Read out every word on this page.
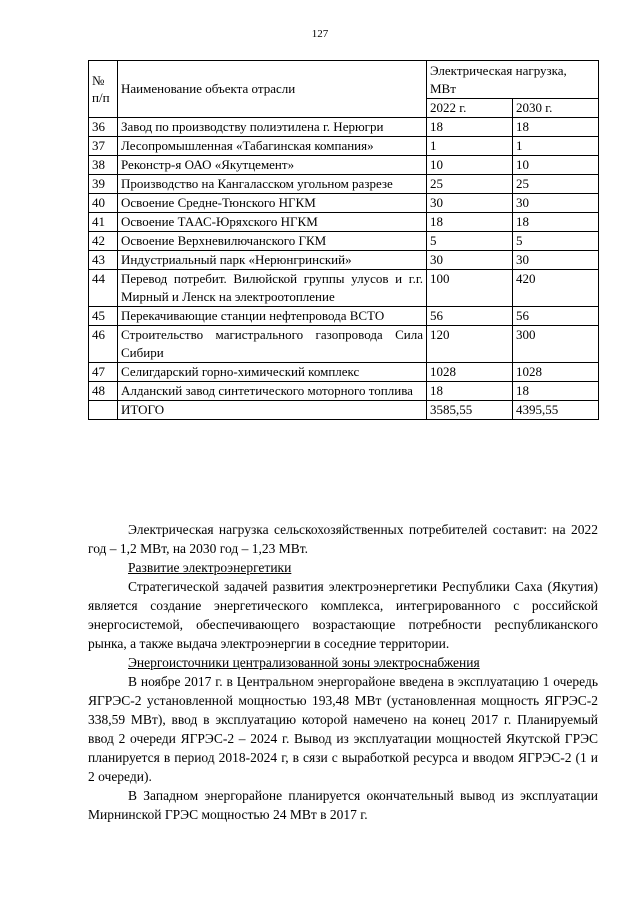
127
№ п/п	Наименование объекта отрасли	Электрическая нагрузка, МВт	
		2022 г.	2030 г.
36	Завод по производству полиэтилена г. Нерюгри	18	18
37	Лесопромышленная «Табагинская компания»	1	1
38	Реконстр-я ОАО «Якутцемент»	10	10
39	Производство на Кангаласском угольном разрезе	25	25
40	Освоение Средне-Тюнского НГКМ	30	30
41	Освоение ТААС-Юряхского НГКМ	18	18
42	Освоение Верхневилючанского ГКМ	5	5
43	Индустриальный парк «Нерюнгринский»	30	30
44	Перевод потребит. Вилюйской группы улусов и г.г. Мирный и Ленск на электроотопление	100	420
45	Перекачивающие станции нефтепровода ВСТО	56	56
46	Строительство магистрального газопровода Сила Сибири	120	300
47	Селигдарский горно-химический комплекс	1028	1028
48	Алданский завод синтетического моторного топлива	18	18
	ИТОГО	3585,55	4395,55

Электрическая нагрузка сельскохозяйственных потребителей составит: на 2022 год – 1,2 МВт, на 2030 год – 1,23 МВт.

Развитие электроэнергетики

Стратегической задачей развития электроэнергетики Республики Саха (Якутия) является создание энергетического комплекса, интегрированного с российской энергосистемой, обеспечивающего возрастающие потребности республиканского рынка, а также выдача электроэнергии в соседние территории.

Энергоисточники централизованной зоны электроснабжения

В ноябре 2017 г. в Центральном энергорайоне введена в эксплуатацию 1 очередь ЯГРЭС-2 установленной мощностью 193,48 МВт (установленная мощность ЯГРЭС-2 338,59 МВт), ввод в эксплуатацию которой намечено на конец 2017 г. Планируемый ввод 2 очереди ЯГРЭС-2 – 2024 г. Вывод из эксплуатации мощностей Якутской ГРЭС планируется в период 2018-2024 г, в сязи с выработкой ресурса и вводом ЯГРЭС-2 (1 и 2 очереди).

В Западном энергорайоне планируется окончательный вывод из эксплуатации Мирнинской ГРЭС мощностью 24 МВт в 2017 г.
